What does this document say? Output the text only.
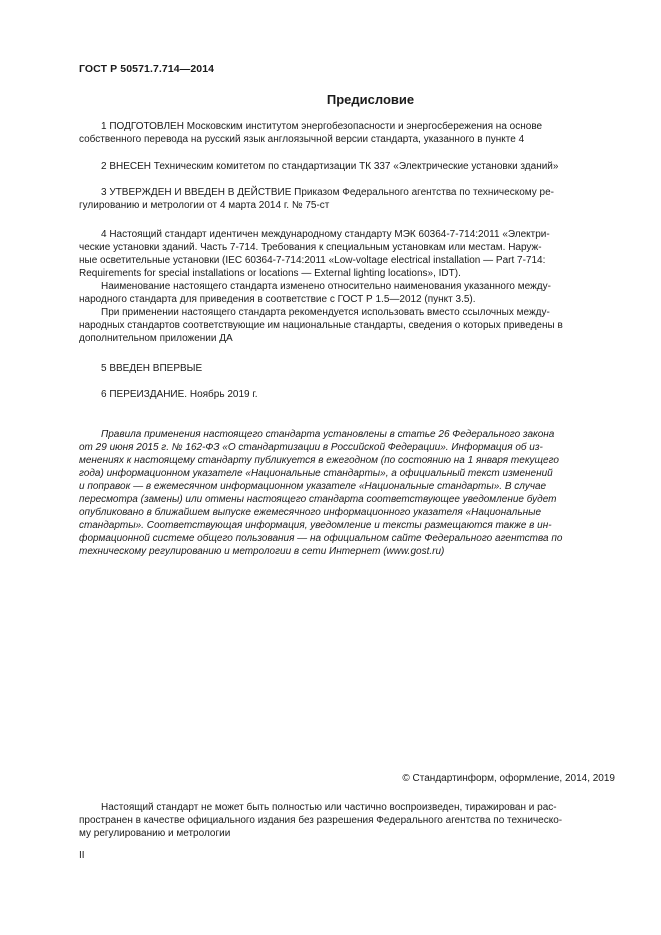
ГОСТ Р 50571.7.714—2014
Предисловие

1 ПОДГОТОВЛЕН Московским институтом энергобезопасности и энергосбережения на основе
собственного перевода на русский язык англоязычной версии стандарта, указанного в пункте 4

2 ВНЕСЕН Техническим комитетом по стандартизации ТК 337 «Электрические установки зданий»

3 УТВЕРЖДЕН И ВВЕДЕН В ДЕЙСТВИЕ Приказом Федерального агентства по техническому ре-
гулированию и метрологии от 4 марта 2014 г. № 75-ст

4 Настоящий стандарт идентичен международному стандарту МЭК 60364-7-714:2011 «Электри-
ческие установки зданий. Часть 7-714. Требования к специальным установкам или местам. Наруж-
ные осветительные установки (IEC 60364-7-714:2011 «Low-voltage electrical installation — Part 7-714:
Requirements for special installations or locations — External lighting locations», IDT).

Наименование настоящего стандарта изменено относительно наименования указанного между-
народного стандарта для приведения в соответствие с ГОСТ Р 1.5—2012 (пункт 3.5).

При применении настоящего стандарта рекомендуется использовать вместо ссылочных между-
народных стандартов соответствующие им национальные стандарты, сведения о которых приведены в
дополнительном приложении ДА

5 ВВЕДЕН ВПЕРВЫЕ

6 ПЕРЕИЗДАНИЕ. Ноябрь 2019 г.

Правила применения настоящего стандарта установлены в статье 26 Федерального закона
от 29 июня 2015 г. № 162-ФЗ «О стандартизации в Российской Федерации». Информация об из-
менениях к настоящему стандарту публикуется в ежегодном (по состоянию на 1 января текущего
года) информационном указателе «Национальные стандарты», а официальный текст изменений
и поправок — в ежемесячном информационном указателе «Национальные стандарты». В случае
пересмотра (замены) или отмены настоящего стандарта соответствующее уведомление будет
опубликовано в ближайшем выпуске ежемесячного информационного указателя «Национальные
стандарты». Соответствующая информация, уведомление и тексты размещаются также в ин-
формационной системе общего пользования — на официальном сайте Федерального агентства по
техническому регулированию и метрологии в сети Интернет (www.gost.ru)

© Стандартинформ, оформление, 2014, 2019

Настоящий стандарт не может быть полностью или частично воспроизведен, тиражирован и рас-
пространен в качестве официального издания без разрешения Федерального агентства по техническо-
му регулированию и метрологии

II
